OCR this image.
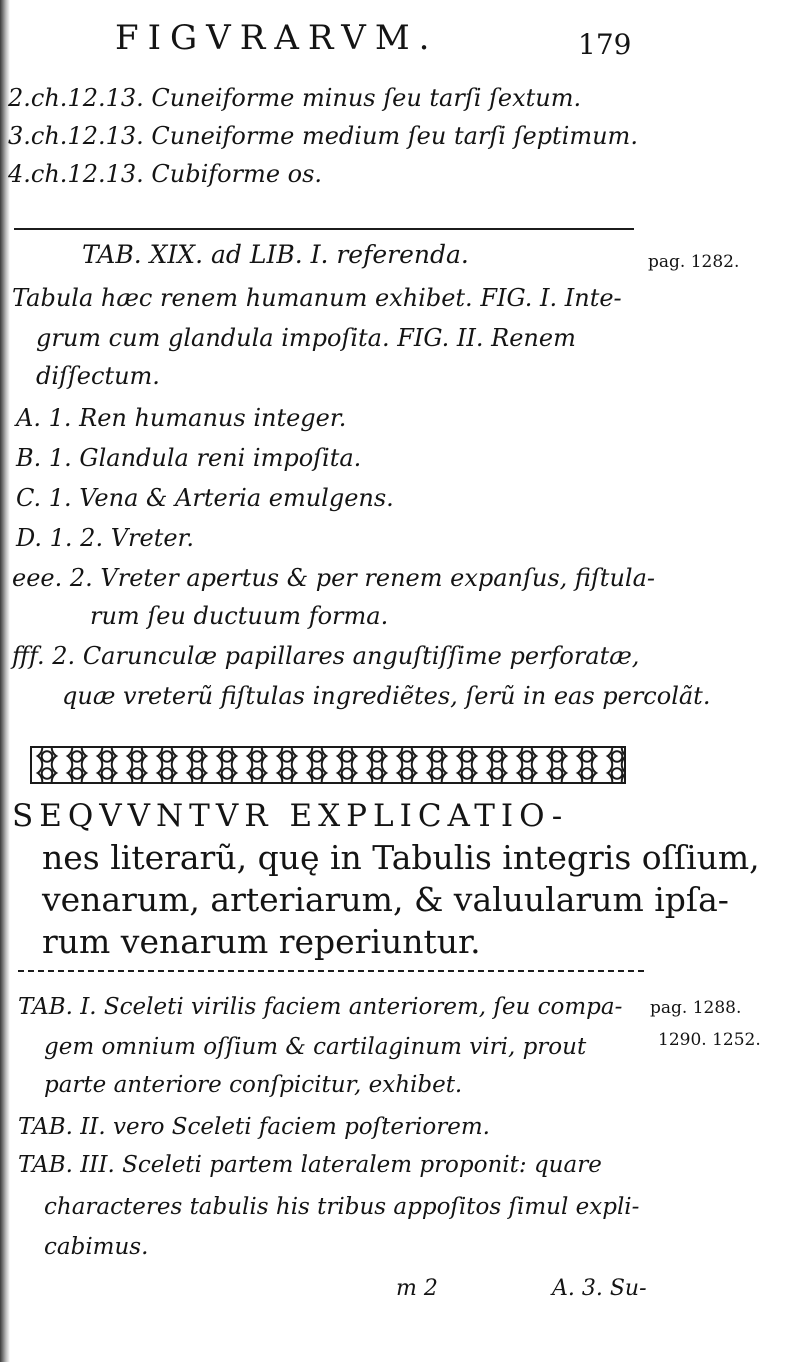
FIGVRARVM.	179
2.ch.12.13. Cuneiforme minus ſeu tarſi ſextum.
3.ch.12.13. Cuneiforme medium ſeu tarſi ſeptimum.
4.ch.12.13. Cubiforme os.
TAB. XIX. ad LIB. I. referenda.	pag. 1282.
Tabula hæc renem humanum exhibet. FIG. I. Inte-
grum cum glandula impoſita. FIG. II. Renem
diſſectum.
A. 1. Ren humanus integer.
B. 1. Glandula reni impoſita.
C. 1. Vena & Arteria emulgens.
D. 1. 2. Vreter.
eee. 2. Vreter apertus & per renem expanſus, fiſtula-
rum ſeu ductuum forma.
fff. 2. Carunculæ papillares anguſtiſſime perforatæ,
quæ vreterũ fiſtulas ingrediẽtes, ſerũ in eas percolãt.
SEQVVNTVR EXPLICATIO-
nes literarũ, quę in Tabulis integris oſſium,
venarum, arteriarum, & valuularum ipſa-
rum venarum reperiuntur.
TAB. I. Sceleti virilis faciem anteriorem, ſeu compa- pag. 1288.
1290. 1252.
gem omnium oſſium & cartilaginum viri, prout
parte anteriore conſpicitur, exhibet.
TAB. II. vero Sceleti faciem poſteriorem.
TAB. III. Sceleti partem lateralem proponit: quare
characteres tabulis his tribus appoſitos ſimul expli-
cabimus.
m 2	A. 3. Su-
